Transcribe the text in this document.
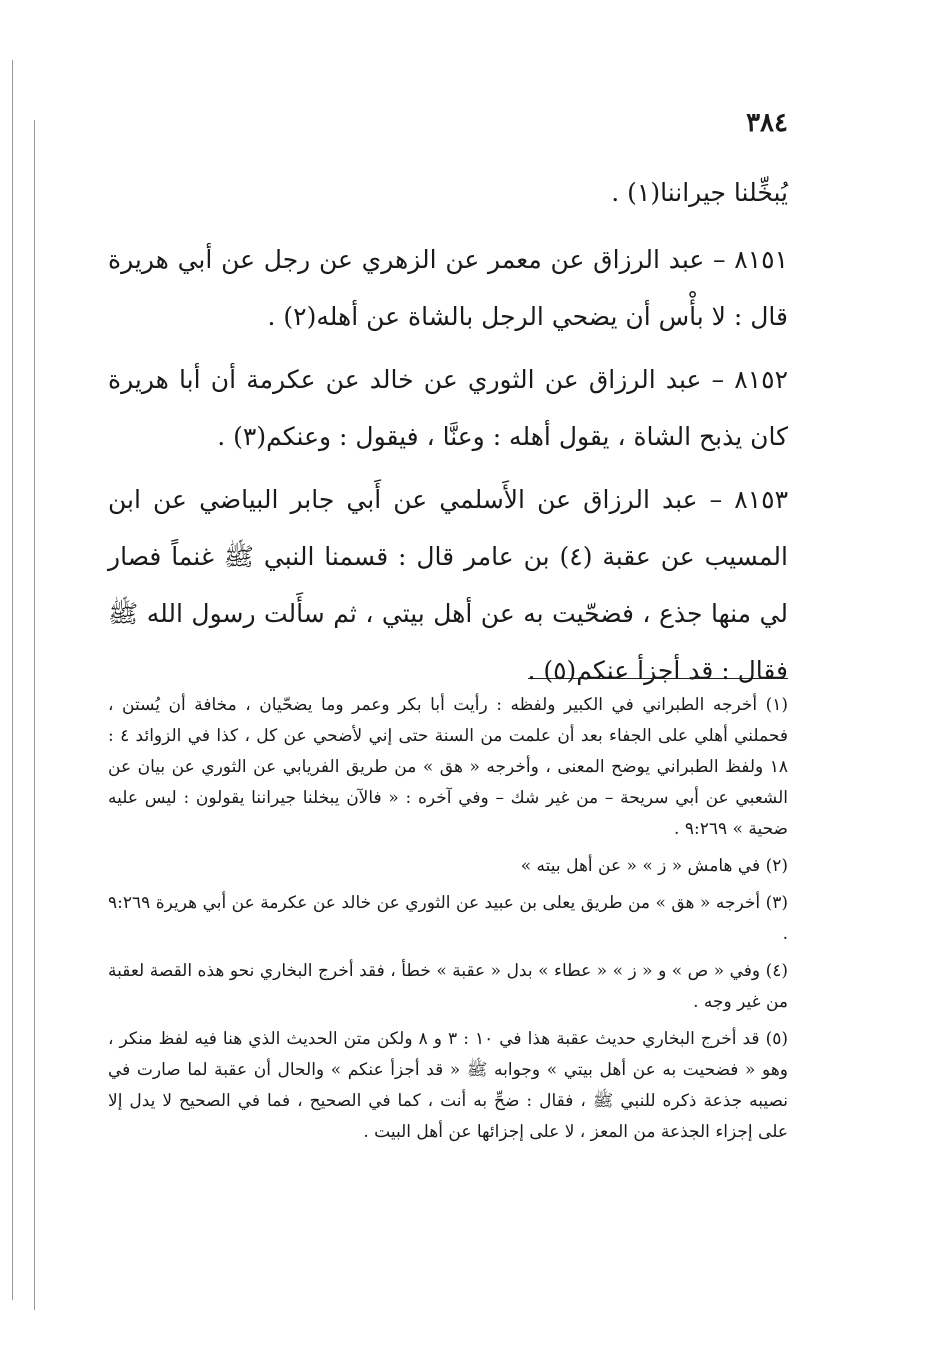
٣٨٤

يُبخِّلنا جيراننا(١) .

٨١٥١ – عبد الرزاق عن معمر عن الزهري عن رجل عن أبي هريرة قال : لا بأْس أن يضحي الرجل بالشاة عن أهله(٢) .

٨١٥٢ – عبد الرزاق عن الثوري عن خالد عن عكرمة أن أبا هريرة كان يذبح الشاة ، يقول أهله : وعنَّا ، فيقول : وعنكم(٣) .

٨١٥٣ – عبد الرزاق عن الأَسلمي عن أَبي جابر البياضي عن ابن المسيب عن عقبة (٤) بن عامر قال : قسمنا النبي ﷺ غنماً فصار لي منها جذع ، فضحّيت به عن أهل بيتي ، ثم سأَلت رسول الله ﷺ فقال : قد أجزأ عنكم(٥) .

(١) أخرجه الطبراني في الكبير ولفظه : رأيت أبا بكر وعمر وما يضحّيان ، مخافة أن يُستن ، فحملني أهلي على الجفاء بعد أن علمت من السنة حتى إني لأضحي عن كل ، كذا في الزوائد ٤ : ١٨ ولفظ الطبراني يوضح المعنى ، وأخرجه « هق » من طريق الفريابي عن الثوري عن بيان عن الشعبي عن أبي سريحة – من غير شك – وفي آخره : « فالآن يبخلنا جيراننا يقولون : ليس عليه ضحية » ٩:٢٦٩ .

(٢) في هامش « ز » « عن أهل بيته »

(٣) أخرجه « هق » من طريق يعلى بن عبيد عن الثوري عن خالد عن عكرمة عن أبي هريرة ٩:٢٦٩ .

(٤) وفي « ص » و « ز » « عطاء » بدل « عقبة » خطأ ، فقد أخرج البخاري نحو هذه القصة لعقبة من غير وجه .

(٥) قد أخرج البخاري حديث عقبة هذا في ١٠ : ٣ و ٨ ولكن متن الحديث الذي هنا فيه لفظ منكر ، وهو « فضحيت به عن أهل بيتي » وجوابه ﷺ « قد أجزأ عنكم » والحال أن عقبة لما صارت في نصيبه جذعة ذكره للنبي ﷺ ، فقال : ضحِّ به أنت ، كما في الصحيح ، فما في الصحيح لا يدل إلا على إجزاء الجذعة من المعز ، لا على إجزائها عن أهل البيت .
